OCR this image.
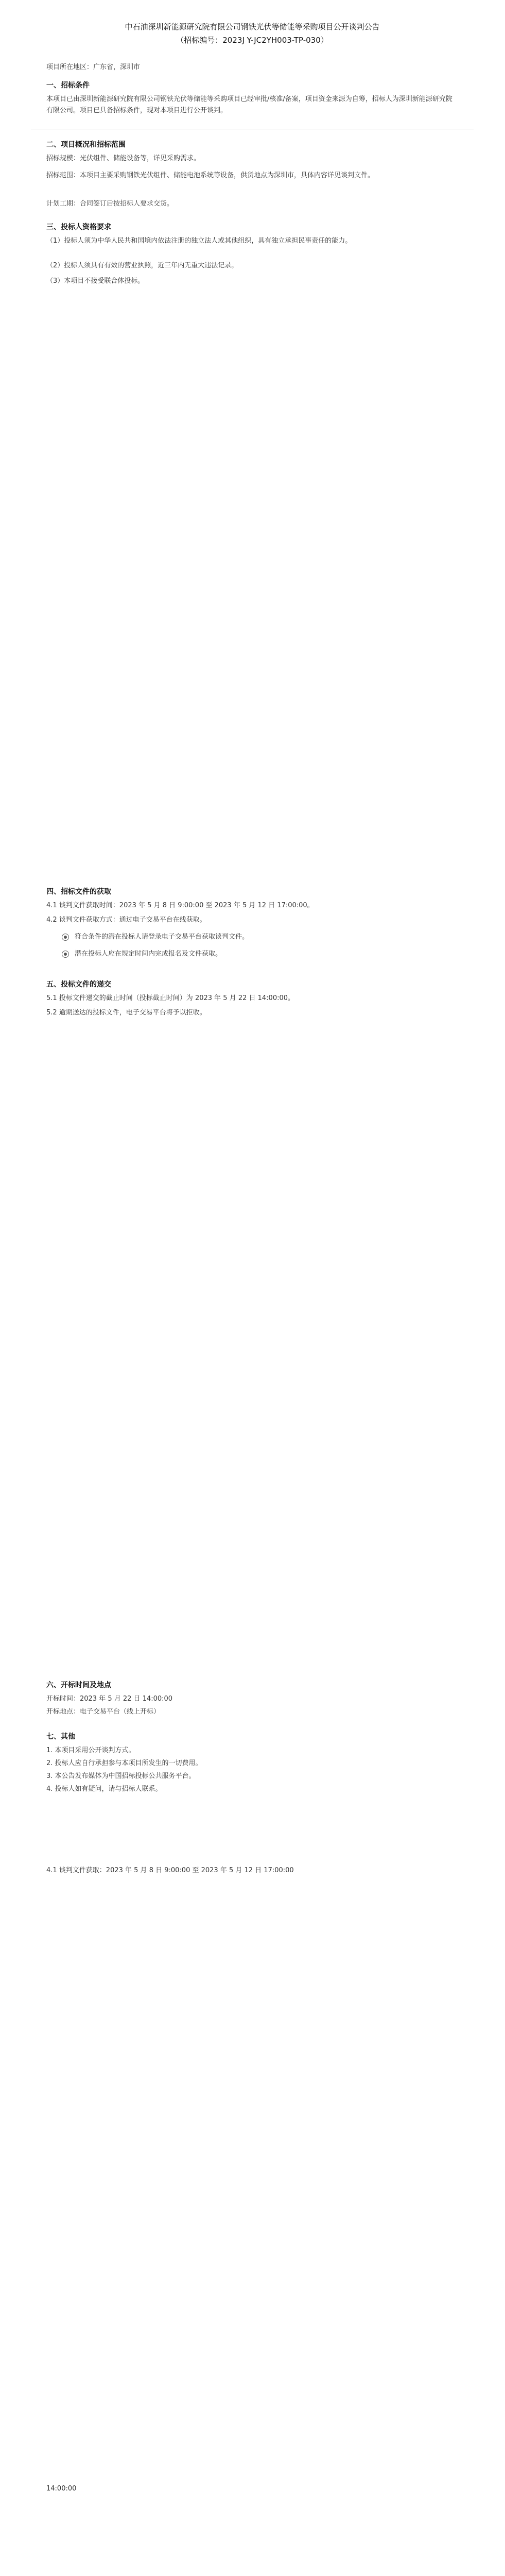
中石油深圳新能源研究院有限公司钢铁光伏等储能等采购项目公开谈判公告

（招标编号：2023J Y-JC2YH003-TP-030）

项目所在地区：广东省，深圳市

一、招标条件

本项目已由深圳新能源研究院有限公司钢铁光伏等储能等采购项目已经审批/核准/备案，项目资金来源为自筹，招标人为深圳新能源研究院有限公司。项目已具备招标条件，现对本项目进行公开谈判。

二、项目概况和招标范围

招标规模：光伏组件、储能设备等，详见采购需求。

招标范围：本项目主要采购钢铁光伏组件、储能电池系统等设备，供货地点为深圳市，具体内容详见谈判文件。

计划工期：合同签订后按招标人要求交货。

三、投标人资格要求

（1）投标人须为中华人民共和国境内依法注册的独立法人或其他组织，具有独立承担民事责任的能力。

（2）投标人须具有有效的营业执照，近三年内无重大违法记录。

（3）本项目不接受联合体投标。

四、招标文件的获取

4.1 谈判文件获取时间：2023 年 5 月 8 日 9:00:00 至 2023 年 5 月 12 日 17:00:00。

4.2 谈判文件获取方式：通过电子交易平台在线获取。

符合条件的潜在投标人请登录电子交易平台获取谈判文件。

潜在投标人应在规定时间内完成报名及文件获取。

五、投标文件的递交

5.1 投标文件递交的截止时间（投标截止时间）为 2023 年 5 月 22 日 14:00:00。

5.2 逾期送达的投标文件，电子交易平台将予以拒收。

六、开标时间及地点

开标时间：2023 年 5 月 22 日 14:00:00

开标地点：电子交易平台（线上开标）

七、其他

1. 本项目采用公开谈判方式。

2. 投标人应自行承担参与本项目所发生的一切费用。

3. 本公告发布媒体为中国招标投标公共服务平台。

4. 投标人如有疑问，请与招标人联系。

4.1 谈判文件获取：2023 年 5 月 8 日 9:00:00 至 2023 年 5 月 12 日 17:00:00

14:00:00
